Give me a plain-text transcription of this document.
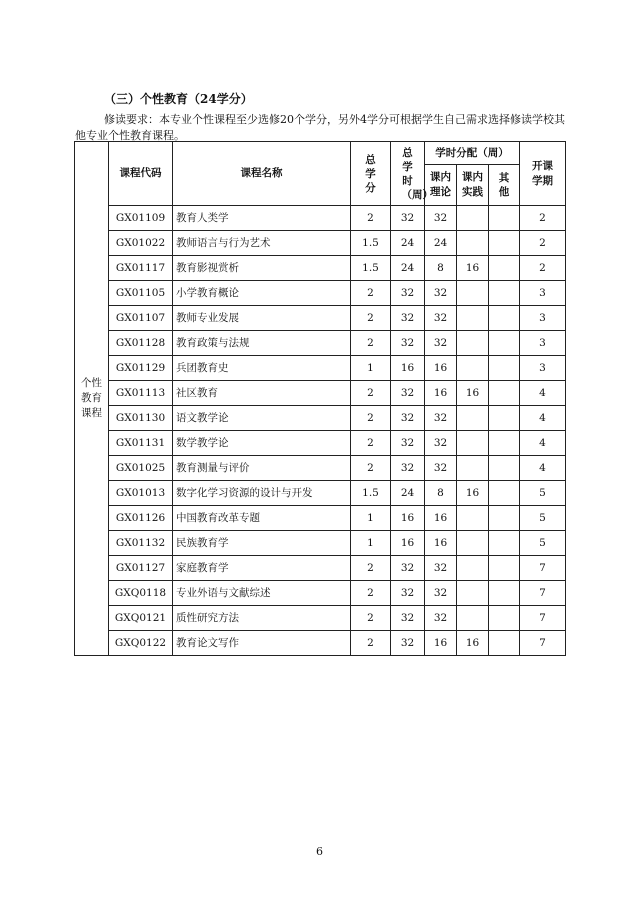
（三）个性教育（24学分）
修读要求：本专业个性课程至少选修20个学分，另外4学分可根据学生自己需求选择修读学校其
他专业个性教育课程。
个性教育课程	课程代码	课程名称	总学分	总学时（周）	学时分配（周）			开课学期
					课内理论	课内实践	其他	
	GX01109	教育人类学	2	32	32			2
	GX01022	教师语言与行为艺术	1.5	24	24			2
	GX01117	教育影视赏析	1.5	24	8	16		2
	GX01105	小学教育概论	2	32	32			3
	GX01107	教师专业发展	2	32	32			3
	GX01128	教育政策与法规	2	32	32			3
	GX01129	兵团教育史	1	16	16			3
	GX01113	社区教育	2	32	16	16		4
	GX01130	语文教学论	2	32	32			4
	GX01131	数学教学论	2	32	32			4
	GX01025	教育测量与评价	2	32	32			4
	GX01013	数字化学习资源的设计与开发	1.5	24	8	16		5
	GX01126	中国教育改革专题	1	16	16			5
	GX01132	民族教育学	1	16	16			5
	GX01127	家庭教育学	2	32	32			7
	GXQ0118	专业外语与文献综述	2	32	32			7
	GXQ0121	质性研究方法	2	32	32			7
	GXQ0122	教育论文写作	2	32	16	16		7
6
